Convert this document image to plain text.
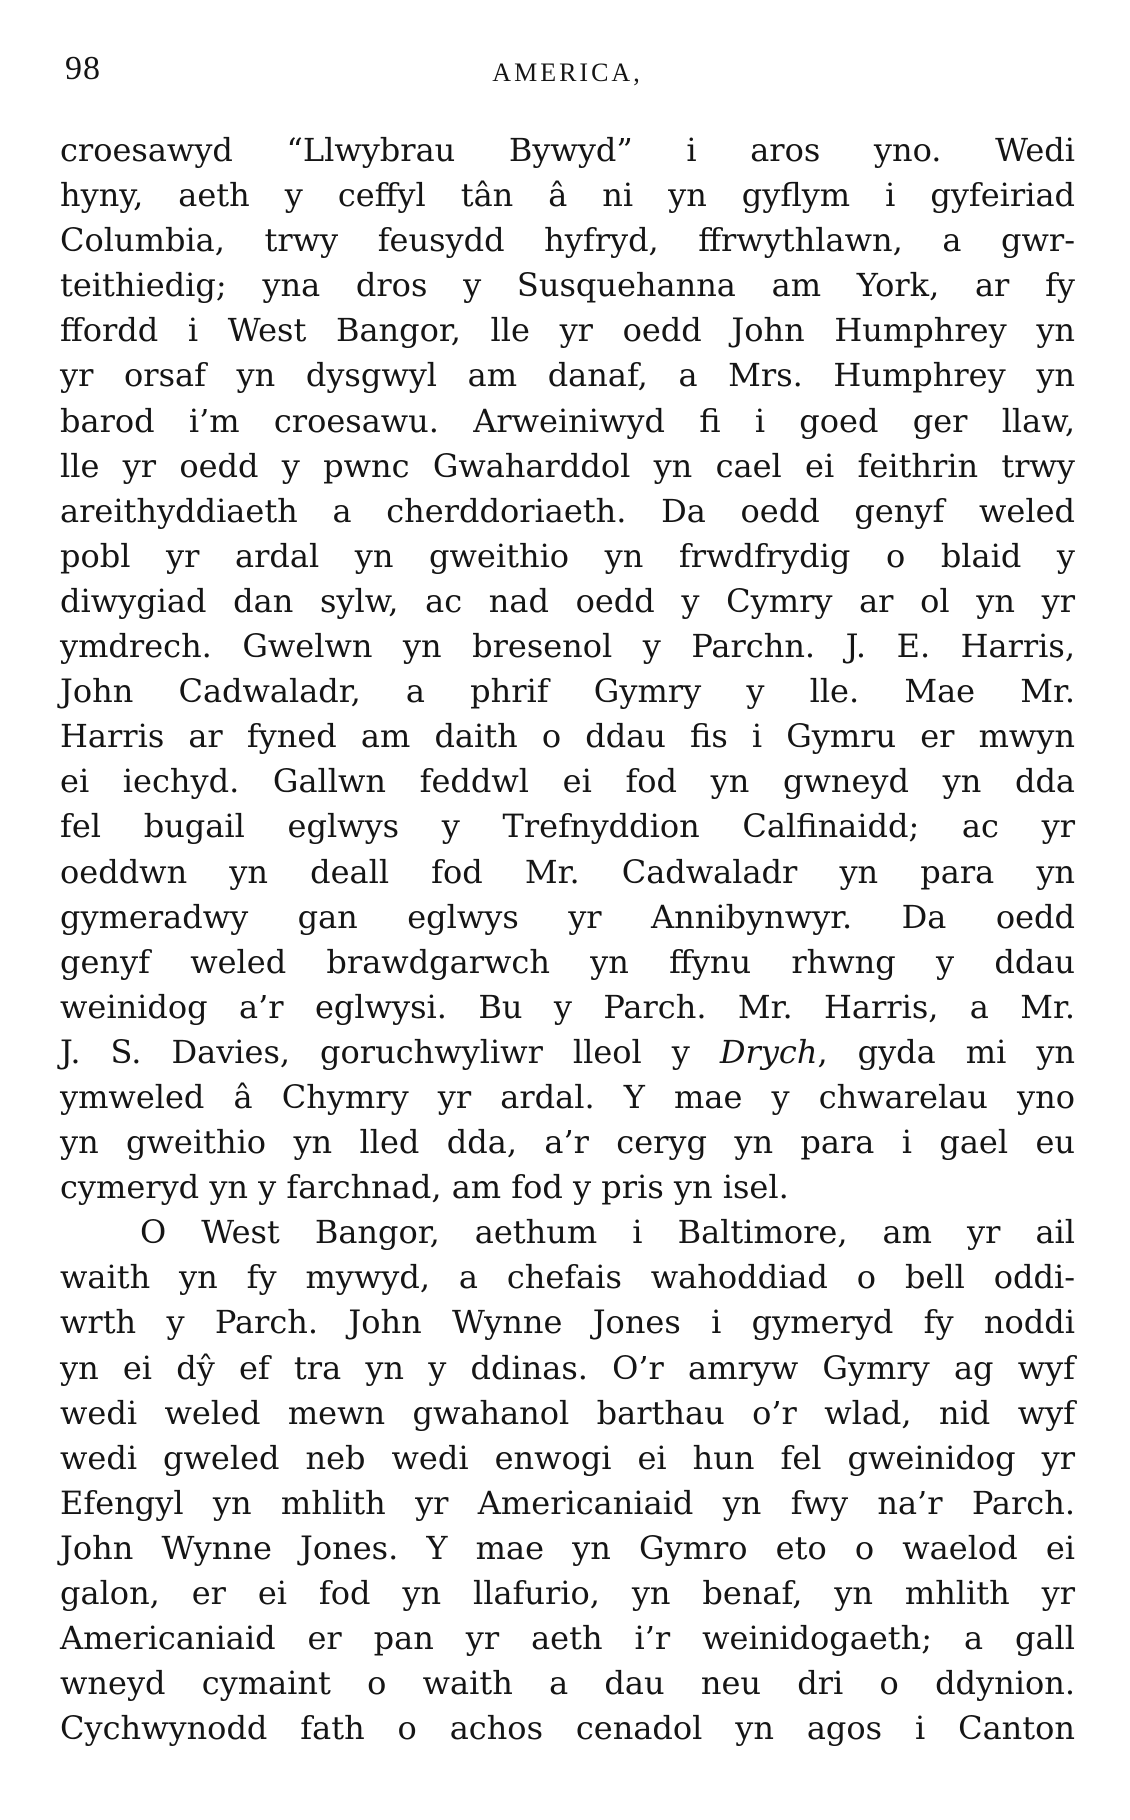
98	AMERICA,
croesawyd “Llwybrau Bywyd” i aros yno. Wedi
hyny, aeth y ceffyl tân â ni yn gyflym i gyfeiriad
Columbia, trwy feusydd hyfryd, ffrwythlawn, a gwr-
teithiedig; yna dros y Susquehanna am York, ar fy
ffordd i West Bangor, lle yr oedd John Humphrey yn
yr orsaf yn dysgwyl am danaf, a Mrs. Humphrey yn
barod i’m croesawu. Arweiniwyd fi i goed ger llaw,
lle yr oedd y pwnc Gwaharddol yn cael ei feithrin trwy
areithyddiaeth a cherddoriaeth. Da oedd genyf weled
pobl yr ardal yn gweithio yn frwdfrydig o blaid y
diwygiad dan sylw, ac nad oedd y Cymry ar ol yn yr
ymdrech. Gwelwn yn bresenol y Parchn. J. E. Harris,
John Cadwaladr, a phrif Gymry y lle. Mae Mr.
Harris ar fyned am daith o ddau fis i Gymru er mwyn
ei iechyd. Gallwn feddwl ei fod yn gwneyd yn dda
fel bugail eglwys y Trefnyddion Calfinaidd; ac yr
oeddwn yn deall fod Mr. Cadwaladr yn para yn
gymeradwy gan eglwys yr Annibynwyr. Da oedd
genyf weled brawdgarwch yn ffynu rhwng y ddau
weinidog a’r eglwysi. Bu y Parch. Mr. Harris, a Mr.
J. S. Davies, goruchwyliwr lleol y Drych, gyda mi yn
ymweled â Chymry yr ardal. Y mae y chwarelau yno
yn gweithio yn lled dda, a’r ceryg yn para i gael eu
cymeryd yn y farchnad, am fod y pris yn isel.
O West Bangor, aethum i Baltimore, am yr ail
waith yn fy mywyd, a chefais wahoddiad o bell oddi-
wrth y Parch. John Wynne Jones i gymeryd fy noddi
yn ei dŷ ef tra yn y ddinas. O’r amryw Gymry ag wyf
wedi weled mewn gwahanol barthau o’r wlad, nid wyf
wedi gweled neb wedi enwogi ei hun fel gweinidog yr
Efengyl yn mhlith yr Americaniaid yn fwy na’r Parch.
John Wynne Jones. Y mae yn Gymro eto o waelod ei
galon, er ei fod yn llafurio, yn benaf, yn mhlith yr
Americaniaid er pan yr aeth i’r weinidogaeth; a gall
wneyd cymaint o waith a dau neu dri o ddynion.
Cychwynodd fath o achos cenadol yn agos i Canton
